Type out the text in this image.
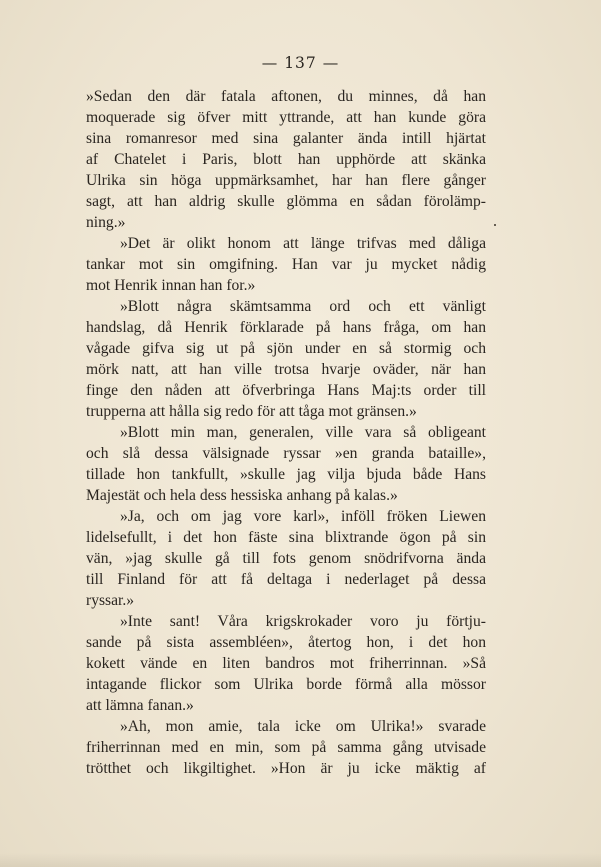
— 137 —
»Sedan den där fatala aftonen, du minnes, då han
moquerade sig öfver mitt yttrande, att han kunde göra
sina romanresor med sina galanter ända intill hjärtat
af Chatelet i Paris, blott han upphörde att skänka
Ulrika sin höga uppmärksamhet, har han flere gånger
sagt, att han aldrig skulle glömma en sådan förolämp-
ning.»
»Det är olikt honom att länge trifvas med dåliga
tankar mot sin omgifning. Han var ju mycket nådig
mot Henrik innan han for.»
»Blott några skämtsamma ord och ett vänligt
handslag, då Henrik förklarade på hans fråga, om han
vågade gifva sig ut på sjön under en så stormig och
mörk natt, att han ville trotsa hvarje oväder, när han
finge den nåden att öfverbringa Hans Maj:ts order till
trupperna att hålla sig redo för att tåga mot gränsen.»
»Blott min man, generalen, ville vara så obligeant
och slå dessa välsignade ryssar »en granda bataille»,
tillade hon tankfullt, »skulle jag vilja bjuda både Hans
Majestät och hela dess hessiska anhang på kalas.»
»Ja, och om jag vore karl», inföll fröken Liewen
lidelsefullt, i det hon fäste sina blixtrande ögon på sin
vän, »jag skulle gå till fots genom snödrifvorna ända
till Finland för att få deltaga i nederlaget på dessa
ryssar.»
»Inte sant! Våra krigskrokader voro ju förtju-
sande på sista assembléen», återtog hon, i det hon
kokett vände en liten bandros mot friherrinnan. »Så
intagande flickor som Ulrika borde förmå alla mössor
att lämna fanan.»
»Ah, mon amie, tala icke om Ulrika!» svarade
friherrinnan med en min, som på samma gång utvisade
trötthet och likgiltighet. »Hon är ju icke mäktig af
